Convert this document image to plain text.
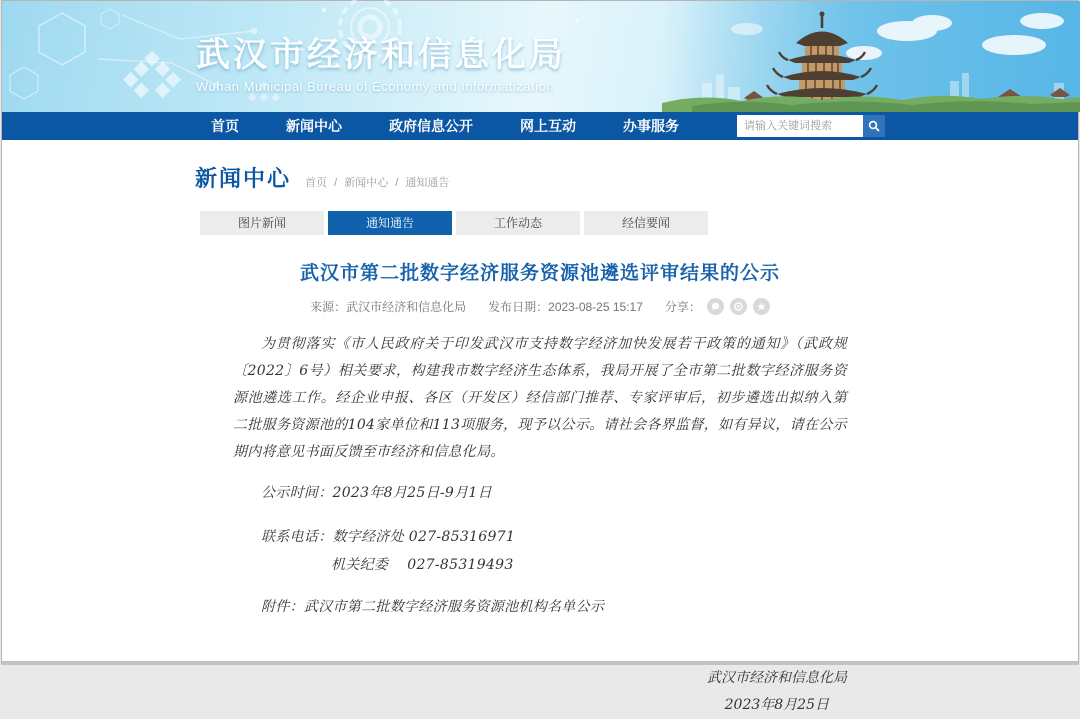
武汉市经济和信息化局
Wuhan Municipal Bureau of Economy and Informatization
首页	新闻中心	政府信息公开	网上互动	办事服务
请输入关键词搜索
新闻中心 首页 / 新闻中心 / 通知通告
图片新闻	通知通告	工作动态	经信要闻
武汉市第二批数字经济服务资源池遴选评审结果的公示
来源：武汉市经济和信息化局 发布日期：2023-08-25 15:17 分享：

为贯彻落实《市人民政府关于印发武汉市支持数字经济加快发展若干政策的通知》（武政规〔2022〕6号）相关要求，构建我市数字经济生态体系，我局开展了全市第二批数字经济服务资源池遴选工作。经企业申报、各区（开发区）经信部门推荐、专家评审后，初步遴选出拟纳入第二批服务资源池的104家单位和113项服务，现予以公示。请社会各界监督，如有异议，请在公示期内将意见书面反馈至市经济和信息化局。

公示时间：2023年8月25日-9月1日

联系电话：数字经济处 027-85316971

机关纪委　 027-85319493

附件：武汉市第二批数字经济服务资源池机构名单公示

武汉市经济和信息化局
2023年8月25日
